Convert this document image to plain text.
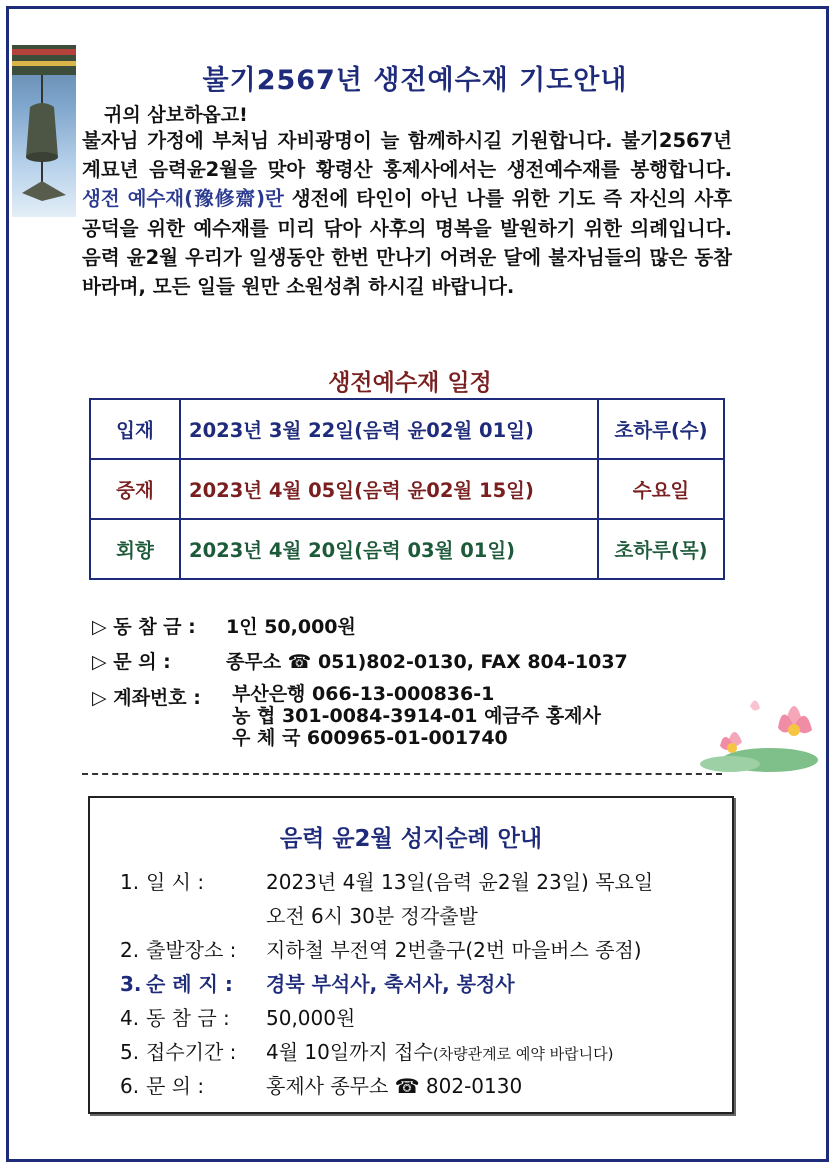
불기2567년 생전예수재 기도안내
귀의 삼보하옵고!
불자님 가정에 부처님 자비광명이 늘 함께하시길 기원합니다. 불기2567년 계묘년 음력윤2월을 맞아 황령산 홍제사에서는 생전예수재를 봉행합니다. 생전 예수재(豫修齋)란 생전에 타인이 아닌 나를 위한 기도 즉 자신의 사후 공덕을 위한 예수재를 미리 닦아 사후의 명복을 발원하기 위한 의례입니다. 음력 윤2월 우리가 일생동안 한번 만나기 어려운 달에 불자님들의 많은 동참바라며, 모든 일들 원만 소원성취 하시길 바랍니다.
생전예수재 일정
입재	2023년 3월 22일(음력 윤02월 01일)	초하루(수)
중재	2023년 4월 05일(음력 윤02월 15일)	수요일
회향	2023년 4월 20일(음력 03월 01일)	초하루(목)
▷ 동 참 금 : 1인 50,000원
▷ 문 의 :	종무소 ☎ 051)802-0130, FAX 804-1037
▷ 계좌번호 :	부산은행 066-13-000836-1
농 협 301-0084-3914-01 예금주 홍제사
우 체 국 600965-01-001740
음력 윤2월 성지순례 안내
1. 일 시 :	2023년 4월 13일(음력 윤2월 23일) 목요일
오전 6시 30분 정각출발
2. 출발장소 : 지하철 부전역 2번출구(2번 마을버스 종점)
3. 순 례 지 : 경북 부석사, 축서사, 봉정사
4. 동 참 금 : 50,000원
5. 접수기간 : 4월 10일까지 접수(차량관계로 예약 바랍니다)
6. 문 의 :	홍제사 종무소 ☎ 802-0130
